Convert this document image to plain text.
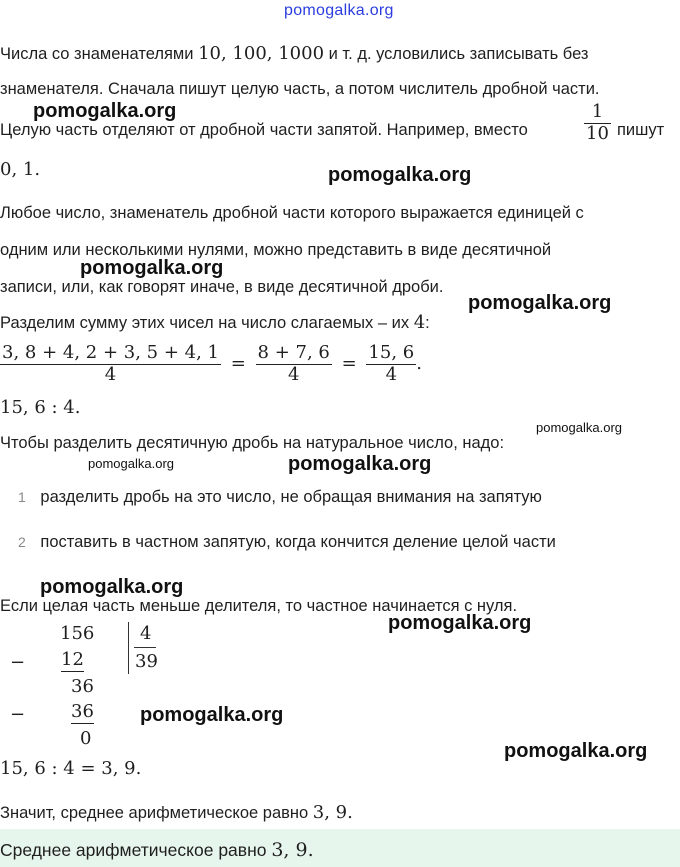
pomogalka.org
Числа со знаменателями 10, 100, 1000 и т. д. условились записывать без
знаменателя. Сначала пишут целую часть, а потом числитель дробной части.
Целую часть отделяют от дробной части запятой. Например, вместо	$\frac{1}{10}$ пишут
0, 1.
Любое число, знаменатель дробной части которого выражается единицей с
одним или несколькими нулями, можно представить в виде десятичной
записи, или, как говорят иначе, в виде десятичной дроби.
Разделим сумму этих чисел на число слагаемых – их 4:
$\frac{3, 8 + 4, 2 + 3, 5 + 4, 1}{4} = \frac{8 + 7, 6}{4} = \frac{15, 6}{4}$ .
15, 6 : 4.
Чтобы разделить десятичную дробь на натуральное число, надо:
1 разделить дробь на это число, не обращая внимания на запятую
2 поставить в частном запятую, когда кончится деление целой части
Если целая часть меньше делителя, то частное начинается с нуля.
156	4
39
− 12
36
−	36
0
15, 6 : 4 = 3, 9.
Значит, среднее арифметическое равно 3, 9.
Среднее арифметическое равно 3, 9.
pomogalka.org
pomogalka.org
pomogalka.org
pomogalka.org
pomogalka.org
pomogalka.org	pomogalka.org
pomogalka.org
pomogalka.org
pomogalka.org
pomogalka.org
